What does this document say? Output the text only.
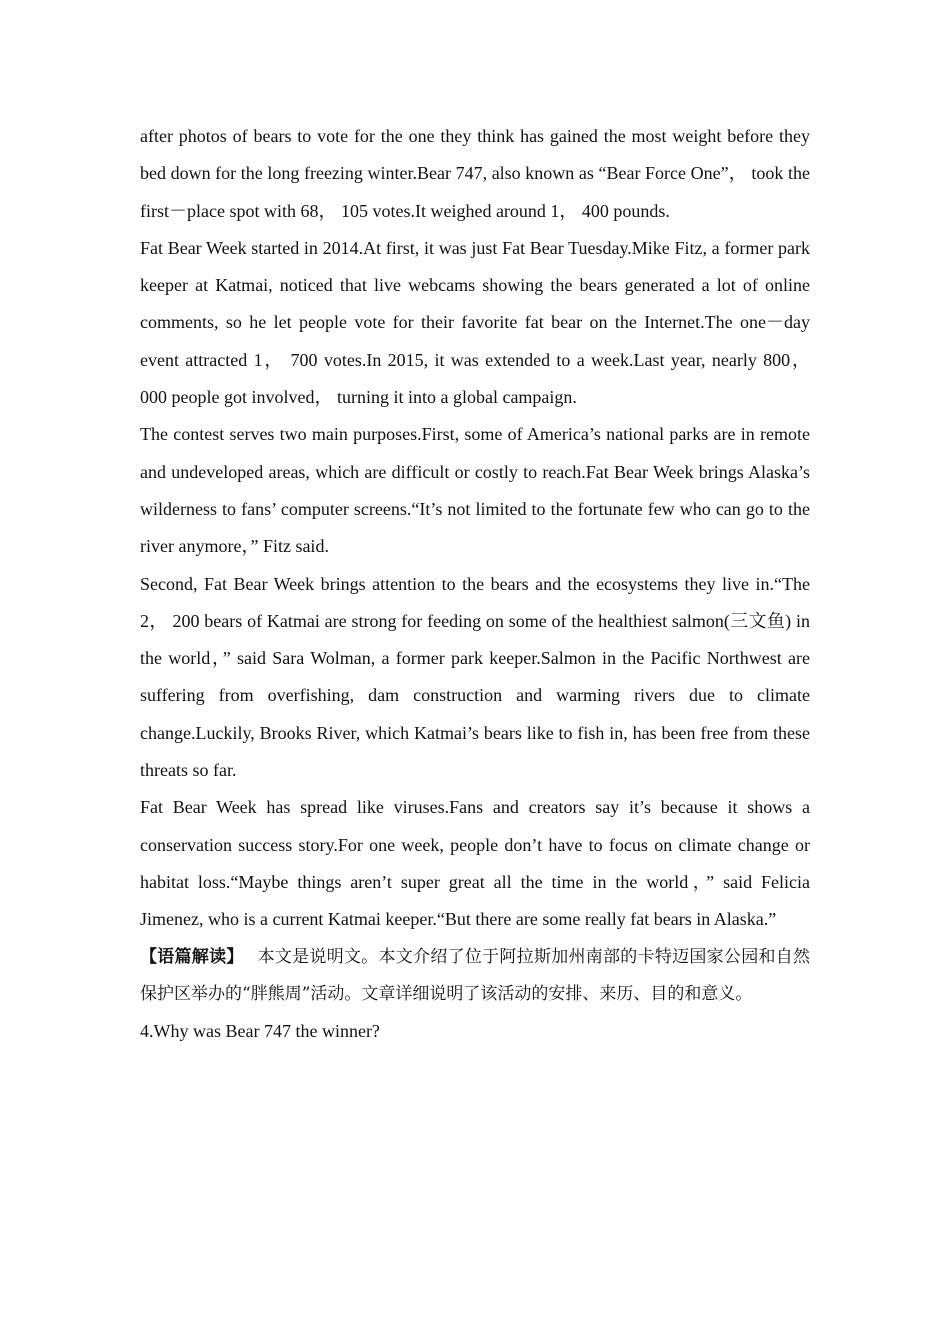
after photos of bears to vote for the one they think has gained the most weight before they bed down for the long freezing winter.Bear 747, also known as “Bear Force One”， took the first－place spot with 68， 105 votes.It weighed around 1， 400 pounds.

Fat Bear Week started in 2014.At first, it was just Fat Bear Tuesday.Mike Fitz, a former park keeper at Katmai, noticed that live webcams showing the bears generated a lot of online comments, so he let people vote for their favorite fat bear on the Internet.The one－day event attracted 1， 700 votes.In 2015, it was extended to a week.Last year, nearly 800， 000 people got involved， turning it into a global campaign.

The contest serves two main purposes.First, some of America’s national parks are in remote and undeveloped areas, which are difficult or costly to reach.Fat Bear Week brings Alaska’s wilderness to fans’ computer screens.“It’s not limited to the fortunate few who can go to the river anymore，” Fitz said.

Second, Fat Bear Week brings attention to the bears and the ecosystems they live in.“The 2， 200 bears of Katmai are strong for feeding on some of the healthiest salmon(三文鱼) in the world，” said Sara Wolman, a former park keeper.Salmon in the Pacific Northwest are suffering from overfishing, dam construction and warming rivers due to climate change.Luckily, Brooks River, which Katmai’s bears like to fish in, has been free from these threats so far.

Fat Bear Week has spread like viruses.Fans and creators say it’s because it shows a conservation success story.For one week, people don’t have to focus on climate change or habitat loss.“Maybe things aren’t super great all the time in the world，” said Felicia Jimenez, who is a current Katmai keeper.“But there are some really fat bears in Alaska.”

【语篇解读】 本文是说明文。本文介绍了位于阿拉斯加州南部的卡特迈国家公园和自然保护区举办的“胖熊周”活动。文章详细说明了该活动的安排、来历、目的和意义。

4.Why was Bear 747 the winner?
